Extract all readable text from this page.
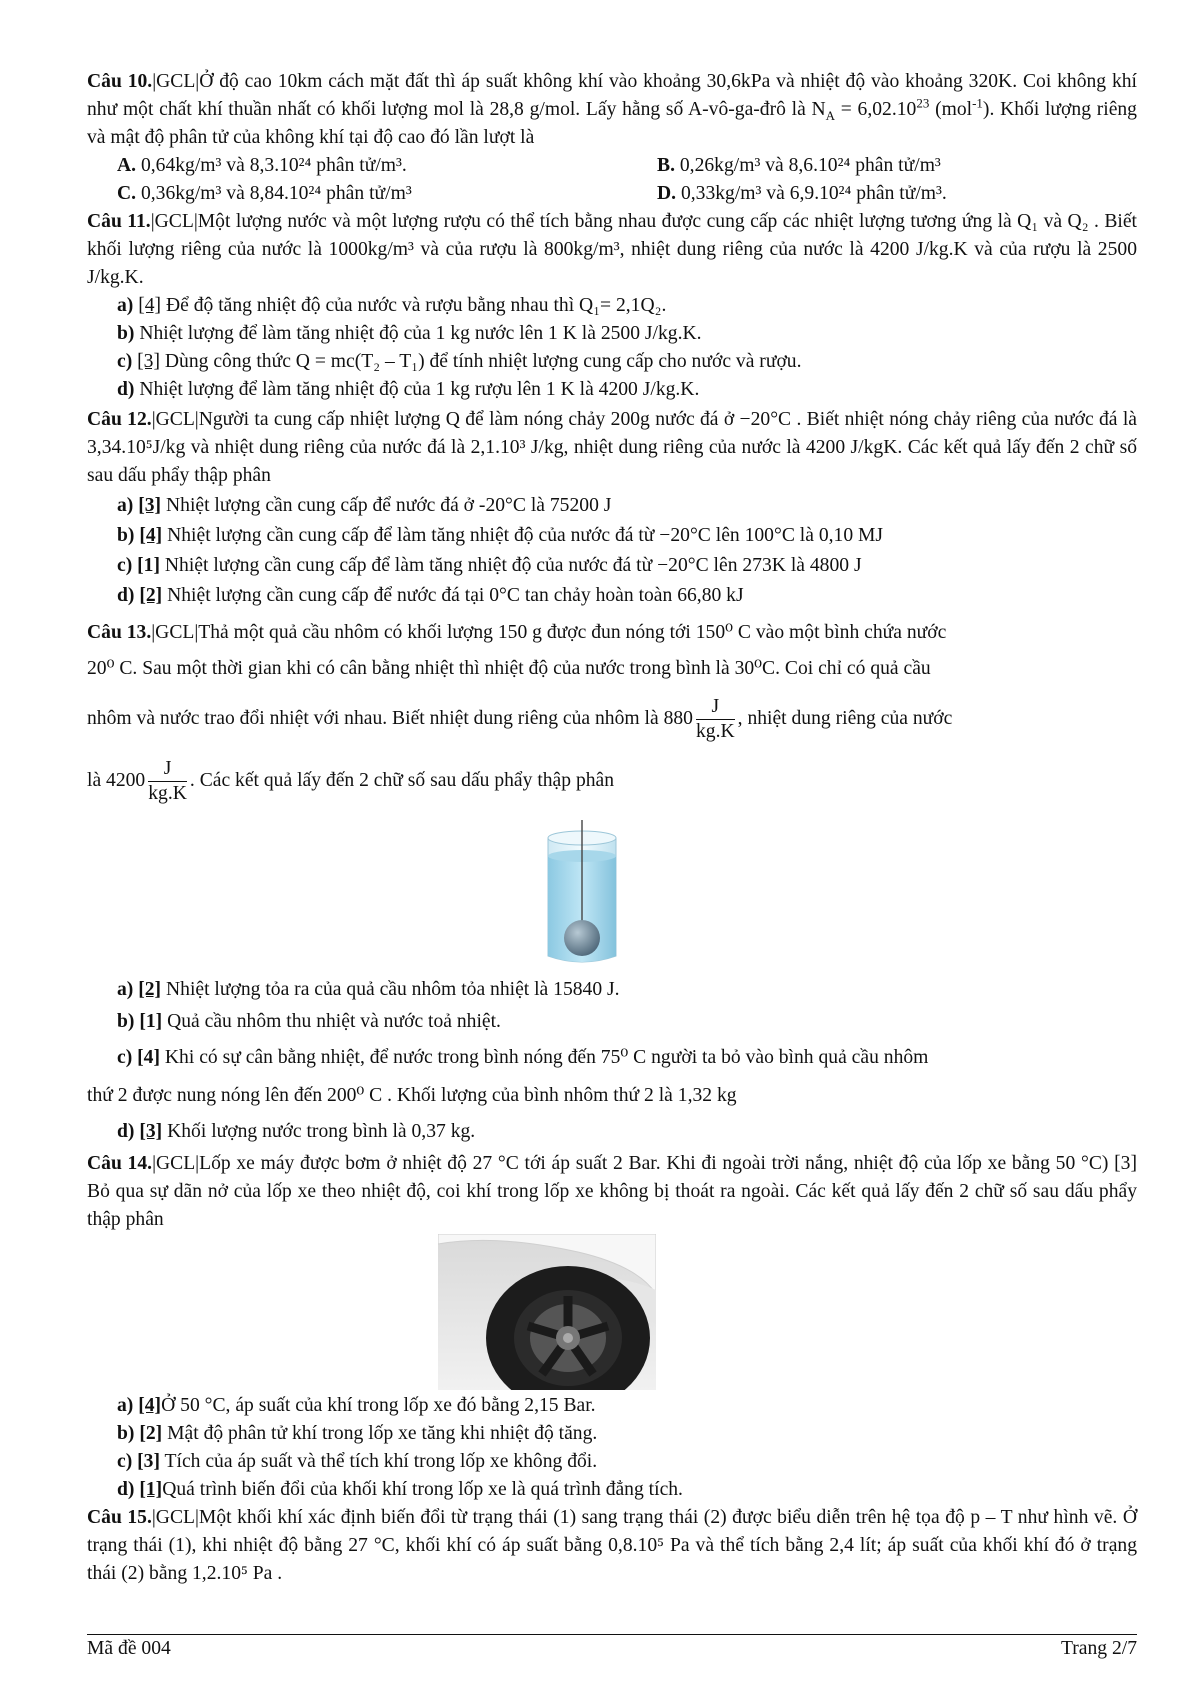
Câu 10.|GCL|Ở độ cao 10km cách mặt đất thì áp suất không khí vào khoảng 30,6kPa và nhiệt độ vào khoảng 320K. Coi không khí như một chất khí thuần nhất có khối lượng mol là 28,8 g/mol. Lấy hằng số A-vô-ga-đrô là $N_A = 6,02.10^{23}$ (mol$^{-1}$). Khối lượng riêng và mật độ phân tử của không khí tại độ cao đó lần lượt là

A. 0,64kg/m³ và 8,3.10²⁴ phân tử/m³.	B. 0,26kg/m³ và 8,6.10²⁴ phân tử/m³
C. 0,36kg/m³ và 8,84.10²⁴ phân tử/m³	D. 0,33kg/m³ và 6,9.10²⁴ phân tử/m³.

Câu 11.|GCL|Một lượng nước và một lượng rượu có thể tích bằng nhau được cung cấp các nhiệt lượng tương ứng là Q₁ và Q₂ . Biết khối lượng riêng của nước là 1000kg/m³ và của rượu là 800kg/m³, nhiệt dung riêng của nước là 4200 J/kg.K và của rượu là 2500 J/kg.K.

a) [4] Để độ tăng nhiệt độ của nước và rượu bằng nhau thì Q₁= 2,1Q₂.

b) Nhiệt lượng để làm tăng nhiệt độ của 1 kg nước lên 1 K là 2500 J/kg.K.

c) [3] Dùng công thức Q = mc(T₂ – T₁) để tính nhiệt lượng cung cấp cho nước và rượu.

d) Nhiệt lượng để làm tăng nhiệt độ của 1 kg rượu lên 1 K là 4200 J/kg.K.

Câu 12.|GCL|Người ta cung cấp nhiệt lượng Q để làm nóng chảy 200g nước đá ở −20°C . Biết nhiệt nóng chảy riêng của nước đá là 3,34.10⁵J/kg và nhiệt dung riêng của nước đá là 2,1.10³ J/kg, nhiệt dung riêng của nước là 4200 J/kgK. Các kết quả lấy đến 2 chữ số sau dấu phẩy thập phân

a) [3] Nhiệt lượng cần cung cấp để nước đá ở -20°C là 75200 J

b) [4] Nhiệt lượng cần cung cấp để làm tăng nhiệt độ của nước đá từ −20°C lên 100°C là 0,10 MJ

c) [1] Nhiệt lượng cần cung cấp để làm tăng nhiệt độ của nước đá từ −20°C lên 273K là 4800 J

d) [2] Nhiệt lượng cần cung cấp để nước đá tại 0°C tan chảy hoàn toàn 66,80 kJ

Câu 13.|GCL|Thả một quả cầu nhôm có khối lượng 150 g được đun nóng tới 150⁰ C vào một bình chứa nước

20⁰ C. Sau một thời gian khi có cân bằng nhiệt thì nhiệt độ của nước trong bình là 30⁰C. Coi chỉ có quả cầu

nhôm và nước trao đổi nhiệt với nhau. Biết nhiệt dung riêng của nhôm là $880 \frac{J}{kg.K}$ , nhiệt dung riêng của nước

là $4200 \frac{J}{kg.K}$ . Các kết quả lấy đến 2 chữ số sau dấu phẩy thập phân

a) [2] Nhiệt lượng tỏa ra của quả cầu nhôm tỏa nhiệt là 15840 J.

b) [1] Quả cầu nhôm thu nhiệt và nước toả nhiệt.

c) [4] Khi có sự cân bằng nhiệt, để nước trong bình nóng đến 75⁰ C người ta bỏ vào bình quả cầu nhôm

thứ 2 được nung nóng lên đến 200⁰ C . Khối lượng của bình nhôm thứ 2 là 1,32 kg

d) [3] Khối lượng nước trong bình là 0,37 kg.

Câu 14.|GCL|Lốp xe máy được bơm ở nhiệt độ 27 °C tới áp suất 2 Bar. Khi đi ngoài trời nắng, nhiệt độ của lốp xe bằng 50 °C) [3] Bỏ qua sự dãn nở của lốp xe theo nhiệt độ, coi khí trong lốp xe không bị thoát ra ngoài. Các kết quả lấy đến 2 chữ số sau dấu phẩy thập phân

a) [4]Ở 50 °C, áp suất của khí trong lốp xe đó bằng 2,15 Bar.

b) [2] Mật độ phân tử khí trong lốp xe tăng khi nhiệt độ tăng.

c) [3] Tích của áp suất và thể tích khí trong lốp xe không đổi.

d) [1]Quá trình biến đổi của khối khí trong lốp xe là quá trình đẳng tích.

Câu 15.|GCL|Một khối khí xác định biến đổi từ trạng thái (1) sang trạng thái (2) được biểu diễn trên hệ tọa độ p – T như hình vẽ. Ở trạng thái (1), khi nhiệt độ bằng 27 °C, khối khí có áp suất bằng 0,8.10⁵ Pa và thể tích bằng 2,4 lít; áp suất của khối khí đó ở trạng thái (2) bằng 1,2.10⁵ Pa .

Mã đề 004	Trang 2/7
